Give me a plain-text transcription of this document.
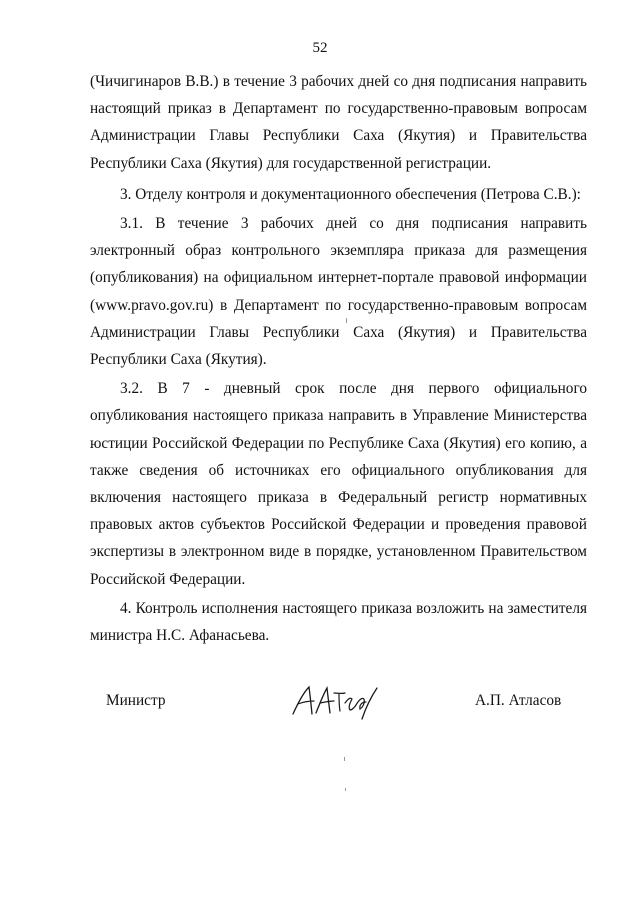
52

(Чичигинаров В.В.) в течение 3 рабочих дней со дня подписания направить настоящий приказ в Департамент по государственно-правовым вопросам Администрации Главы Республики Саха (Якутия) и Правительства Республики Саха (Якутия) для государственной регистрации.

3. Отделу контроля и документационного обеспечения (Петрова С.В.):

3.1. В течение 3 рабочих дней со дня подписания направить электронный образ контрольного экземпляра приказа для размещения (опубликования) на официальном интернет-портале правовой информации (www.pravo.gov.ru) в Департамент по государственно-правовым вопросам Администрации Главы Республики Саха (Якутия) и Правительства Республики Саха (Якутия).

3.2. В 7 - дневный срок после дня первого официального опубликования настоящего приказа направить в Управление Министерства юстиции Российской Федерации по Республике Саха (Якутия) его копию, а также сведения об источниках его официального опубликования для включения настоящего приказа в Федеральный регистр нормативных правовых актов субъектов Российской Федерации и проведения правовой экспертизы в электронном виде в порядке, установленном Правительством Российской Федерации.

4. Контроль исполнения настоящего приказа возложить на заместителя министра Н.С. Афанасьева.

Министр	А.П. Атласов
